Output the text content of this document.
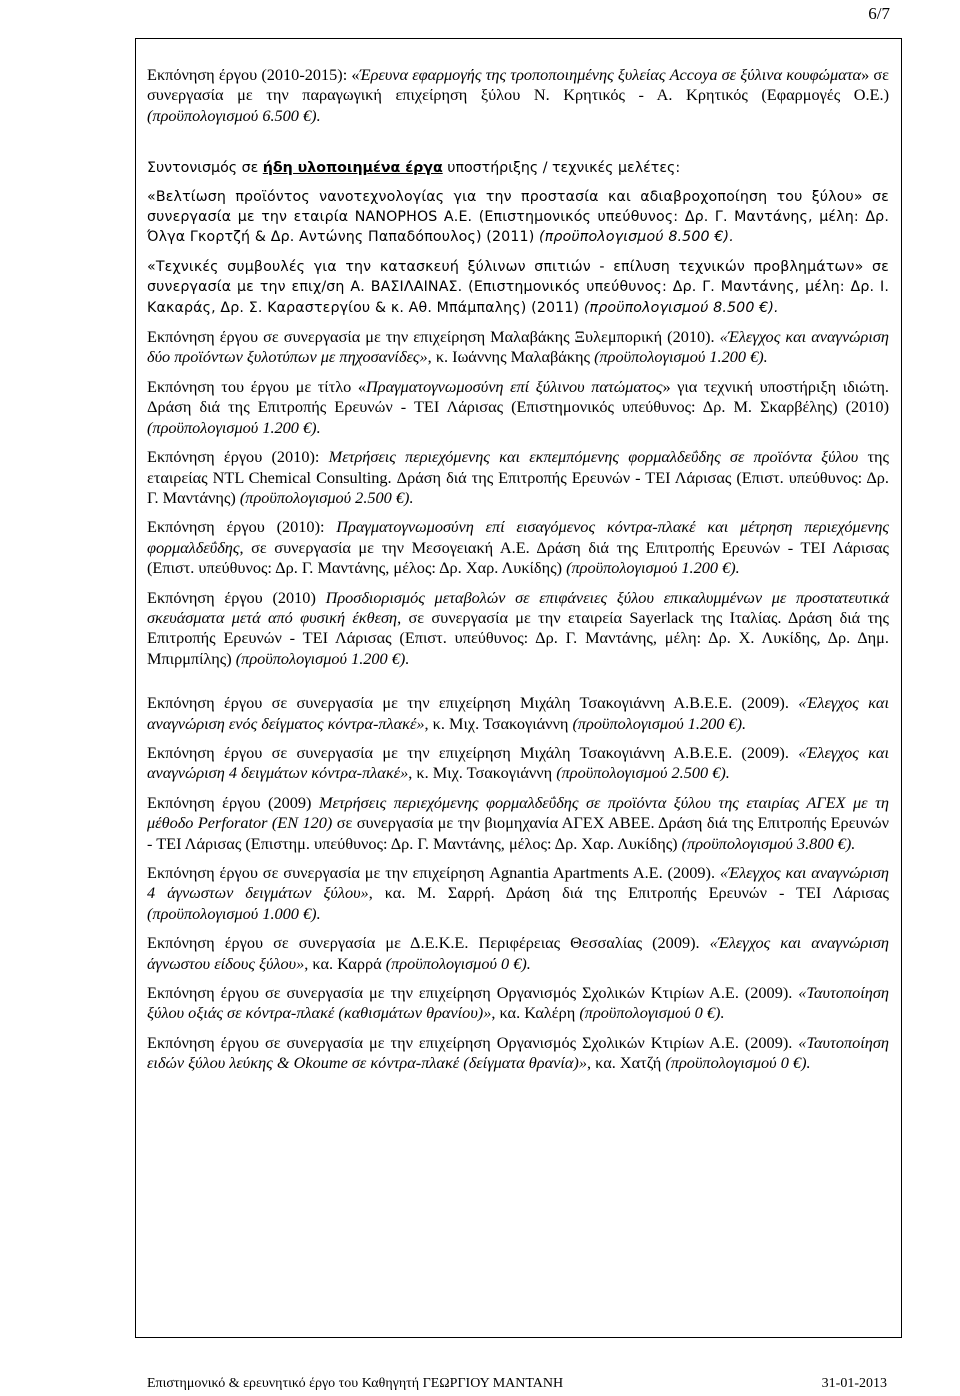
6/7

Εκπόνηση έργου (2010-2015): «Έρευνα εφαρμογής της τροποποιημένης ξυλείας Accoya σε ξύλινα κουφώματα» σε συνεργασία με την παραγωγική επιχείρηση ξύλου Ν. Κρητικός - Α. Κρητικός (Εφαρμογές Ο.Ε.) (προϋπολογισμού 6.500 €).

Συντονισμός σε ήδη υλοποιημένα έργα υποστήριξης / τεχνικές μελέτες:

«Βελτίωση προϊόντος νανοτεχνολογίας για την προστασία και αδιαβροχοποίηση του ξύλου» σε συνεργασία με την εταιρία NANOPHOS Α.Ε. (Επιστημονικός υπεύθυνος: Δρ. Γ. Μαντάνης, μέλη: Δρ. Όλγα Γκορτζή & Δρ. Αντώνης Παπαδόπουλος) (2011) (προϋπολογισμού 8.500 €).

«Τεχνικές συμβουλές για την κατασκευή ξύλινων σπιτιών - επίλυση τεχνικών προβλημάτων» σε συνεργασία με την επιχ/ση Α. ΒΑΣΙΛΑΙΝΑΣ. (Επιστημονικός υπεύθυνος: Δρ. Γ. Μαντάνης, μέλη: Δρ. Ι. Κακαράς, Δρ. Σ. Καραστεργίου & κ. Αθ. Μπάμπαλης) (2011) (προϋπολογισμού 8.500 €).

Εκπόνηση έργου σε συνεργασία με την επιχείρηση Μαλαβάκης Ξυλεμπορική (2010). «Έλεγχος και αναγνώριση δύο προϊόντων ξυλοτύπων με πηχοσανίδες», κ. Ιωάννης Μαλαβάκης (προϋπολογισμού 1.200 €).

Εκπόνηση του έργου με τίτλο «Πραγματογνωμοσύνη επί ξύλινου πατώματος» για τεχνική υποστήριξη ιδιώτη. Δράση διά της Επιτροπής Ερευνών - ΤΕΙ Λάρισας (Επιστημονικός υπεύθυνος: Δρ. Μ. Σκαρβέλης) (2010) (προϋπολογισμού 1.200 €).

Εκπόνηση έργου (2010): Μετρήσεις περιεχόμενης και εκπεμπόμενης φορμαλδεΰδης σε προϊόντα ξύλου της εταιρείας NTL Chemical Consulting. Δράση διά της Επιτροπής Ερευνών - ΤΕΙ Λάρισας (Επιστ. υπεύθυνος: Δρ. Γ. Μαντάνης) (προϋπολογισμού 2.500 €).

Εκπόνηση έργου (2010): Πραγματογνωμοσύνη επί εισαγόμενος κόντρα-πλακέ και μέτρηση περιεχόμενης φορμαλδεΰδης, σε συνεργασία με την Μεσογειακή Α.Ε. Δράση διά της Επιτροπής Ερευνών - ΤΕΙ Λάρισας (Επιστ. υπεύθυνος: Δρ. Γ. Μαντάνης, μέλος: Δρ. Χαρ. Λυκίδης) (προϋπολογισμού 1.200 €).

Εκπόνηση έργου (2010) Προσδιορισμός μεταβολών σε επιφάνειες ξύλου επικαλυμμένων με προστατευτικά σκευάσματα μετά από φυσική έκθεση, σε συνεργασία με την εταιρεία Sayerlack της Ιταλίας. Δράση διά της Επιτροπής Ερευνών - ΤΕΙ Λάρισας (Επιστ. υπεύθυνος: Δρ. Γ. Μαντάνης, μέλη: Δρ. Χ. Λυκίδης, Δρ. Δημ. Μπιρμπίλης) (προϋπολογισμού 1.200 €).

Εκπόνηση έργου σε συνεργασία με την επιχείρηση Μιχάλη Τσακογιάννη Α.Β.Ε.Ε. (2009). «Έλεγχος και αναγνώριση ενός δείγματος κόντρα-πλακέ», κ. Μιχ. Τσακογιάννη (προϋπολογισμού 1.200 €).

Εκπόνηση έργου σε συνεργασία με την επιχείρηση Μιχάλη Τσακογιάννη Α.Β.Ε.Ε. (2009). «Έλεγχος και αναγνώριση 4 δειγμάτων κόντρα-πλακέ», κ. Μιχ. Τσακογιάννη (προϋπολογισμού 2.500 €).

Εκπόνηση έργου (2009) Μετρήσεις περιεχόμενης φορμαλδεΰδης σε προϊόντα ξύλου της εταιρίας ΑΓΕΧ με τη μέθοδο Perforator (EN 120) σε συνεργασία με την βιομηχανία ΑΓΕΧ ΑΒΕΕ. Δράση διά της Επιτροπής Ερευνών - ΤΕΙ Λάρισας (Επιστημ. υπεύθυνος: Δρ. Γ. Μαντάνης, μέλος: Δρ. Χαρ. Λυκίδης) (προϋπολογισμού 3.800 €).

Εκπόνηση έργου σε συνεργασία με την επιχείρηση Agnantia Apartments A.E. (2009). «Έλεγχος και αναγνώριση 4 άγνωστων δειγμάτων ξύλου», κα. Μ. Σαρρή. Δράση διά της Επιτροπής Ερευνών - ΤΕΙ Λάρισας (προϋπολογισμού 1.000 €).

Εκπόνηση έργου σε συνεργασία με Δ.Ε.Κ.Ε. Περιφέρειας Θεσσαλίας (2009). «Έλεγχος και αναγνώριση άγνωστου είδους ξύλου», κα. Καρρά (προϋπολογισμού 0 €).

Εκπόνηση έργου σε συνεργασία με την επιχείρηση Οργανισμός Σχολικών Κτιρίων Α.Ε. (2009). «Ταυτοποίηση ξύλου οξιάς σε κόντρα-πλακέ (καθισμάτων θρανίου)», κα. Καλέρη (προϋπολογισμού 0 €).

Εκπόνηση έργου σε συνεργασία με την επιχείρηση Οργανισμός Σχολικών Κτιρίων Α.Ε. (2009). «Ταυτοποίηση ειδών ξύλου λεύκης & Okoume σε κόντρα-πλακέ (δείγματα θρανία)», κα. Χατζή (προϋπολογισμού 0 €).

Επιστημονικό & ερευνητικό έργο του Καθηγητή ΓΕΩΡΓΙΟΥ ΜΑΝΤΑΝΗ	31-01-2013
